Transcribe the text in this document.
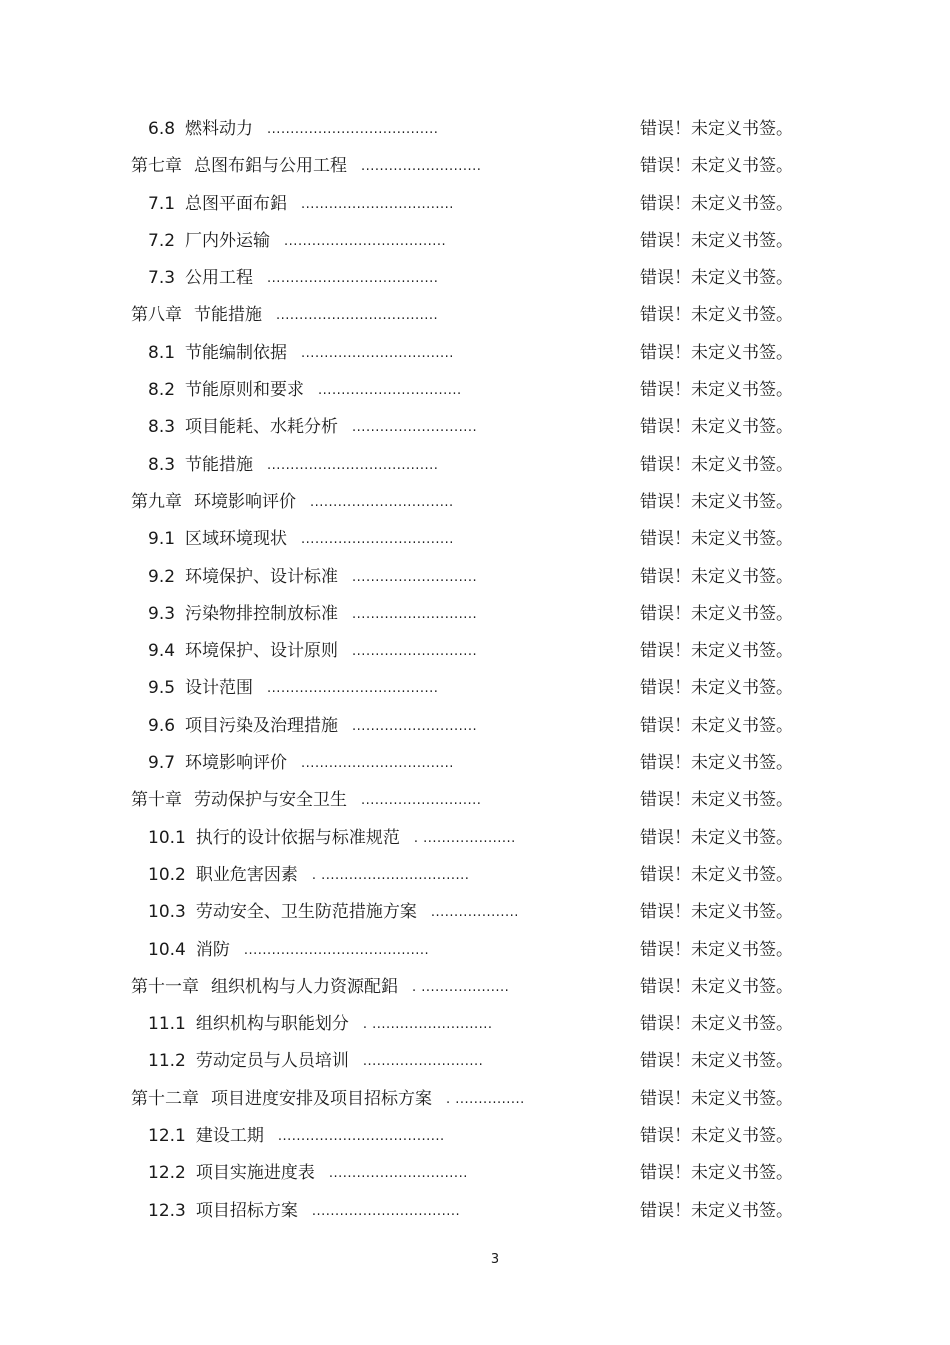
6.8 燃料动力 .....................................	错误！未定义书签。
第七章 总图布鋁与公用工程 ..........................	错误！未定义书签。
7.1 总图平面布鋁 .................................	错误！未定义书签。
7.2 厂内外运输 ...................................	错误！未定义书签。
7.3 公用工程 .....................................	错误！未定义书签。
第八章 节能措施 ...................................	错误！未定义书签。
8.1 节能编制依据 .................................	错误！未定义书签。
8.2 节能原则和要求 ...............................	错误！未定义书签。
8.3 项目能耗、水耗分析 ...........................	错误！未定义书签。
8.3 节能措施 .....................................	错误！未定义书签。
第九章 环境影响评价 ...............................	错误！未定义书签。
9.1 区域环境现状 .................................	错误！未定义书签。
9.2 环境保护、设计标准 ...........................	错误！未定义书签。
9.3 污染物排控制放标准 ...........................	错误！未定义书签。
9.4 环境保护、设计原则 ...........................	错误！未定义书签。
9.5 设计范围 .....................................	错误！未定义书签。
9.6 项目污染及治理措施 ...........................	错误！未定义书签。
9.7 环境影响评价 .................................	错误！未定义书签。
第十章 劳动保护与安全卫生 ..........................	错误！未定义书签。
10.1 执行的设计依据与标准规范 . ....................	错误！未定义书签。
10.2 职业危害因素 . ................................	错误！未定义书签。
10.3 劳动安全、卫生防范措施方案 ...................	错误！未定义书签。
10.4 消防 ........................................	错误！未定义书签。
第十一章 组织机构与人力资源配鋁 . ...................	错误！未定义书签。
11.1 组织机构与职能划分 . ..........................	错误！未定义书签。
11.2 劳动定员与人员培训 ..........................	错误！未定义书签。
第十二章 项目进度安排及项目招标方案 . ...............	错误！未定义书签。
12.1 建设工期 ....................................	错误！未定义书签。
12.2 项目实施进度表 ..............................	错误！未定义书签。
12.3 项目招标方案 ................................	错误！未定义书签。
3
